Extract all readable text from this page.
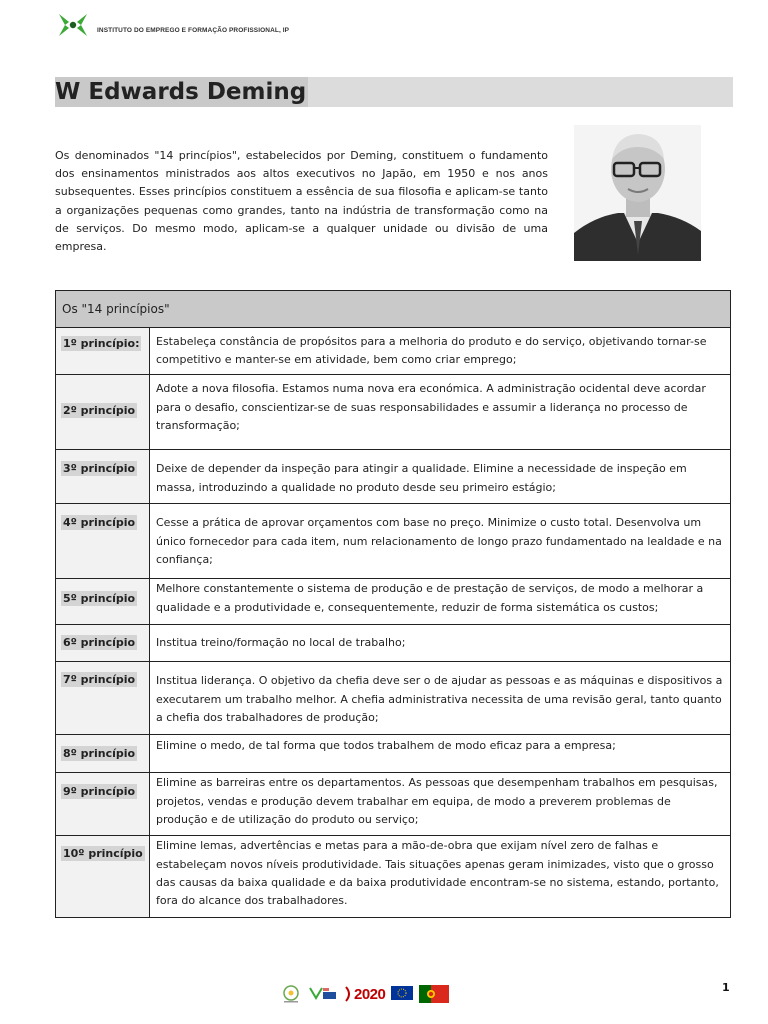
INSTITUTO DO EMPREGO E FORMAÇÃO PROFISSIONAL, IP
W Edwards Deming
Os denominados "14 princípios", estabelecidos por Deming, constituem o fundamento dos ensinamentos ministrados aos altos executivos no Japão, em 1950 e nos anos subsequentes. Esses princípios constituem a essência de sua filosofia e aplicam-se tanto a organizações pequenas como grandes, tanto na indústria de transformação como na de serviços. Do mesmo modo, aplicam-se a qualquer unidade ou divisão de uma empresa.
Os "14 princípios"	
1º princípio:	Estabeleça constância de propósitos para a melhoria do produto e do serviço, objetivando tornar-se competitivo e manter-se em atividade, bem como criar emprego;
2º princípio	Adote a nova filosofia. Estamos numa nova era económica. A administração ocidental deve acordar para o desafio, conscientizar-se de suas responsabilidades e assumir a liderança no processo de transformação;
3º princípio	Deixe de depender da inspeção para atingir a qualidade. Elimine a necessidade de inspeção em massa, introduzindo a qualidade no produto desde seu primeiro estágio;
4º princípio	Cesse a prática de aprovar orçamentos com base no preço. Minimize o custo total. Desenvolva um único fornecedor para cada item, num relacionamento de longo prazo fundamentado na lealdade e na confiança;
5º princípio	Melhore constantemente o sistema de produção e de prestação de serviços, de modo a melhorar a qualidade e a produtividade e, consequentemente, reduzir de forma sistemática os custos;
6º princípio	Institua treino/formação no local de trabalho;
7º princípio	Institua liderança. O objetivo da chefia deve ser o de ajudar as pessoas e as máquinas e dispositivos a executarem um trabalho melhor. A chefia administrativa necessita de uma revisão geral, tanto quanto a chefia dos trabalhadores de produção;
8º princípio	Elimine o medo, de tal forma que todos trabalhem de modo eficaz para a empresa;
9º princípio	Elimine as barreiras entre os departamentos. As pessoas que desempenham trabalhos em pesquisas, projetos, vendas e produção devem trabalhar em equipa, de modo a preverem problemas de produção e de utilização do produto ou serviço;
10º princípio	Elimine lemas, advertências e metas para a mão-de-obra que exijam nível zero de falhas e estabeleçam novos níveis produtividade. Tais situações apenas geram inimizades, visto que o grosso das causas da baixa qualidade e da baixa produtividade encontram-se no sistema, estando, portanto, fora do alcance dos trabalhadores.
2020	1
